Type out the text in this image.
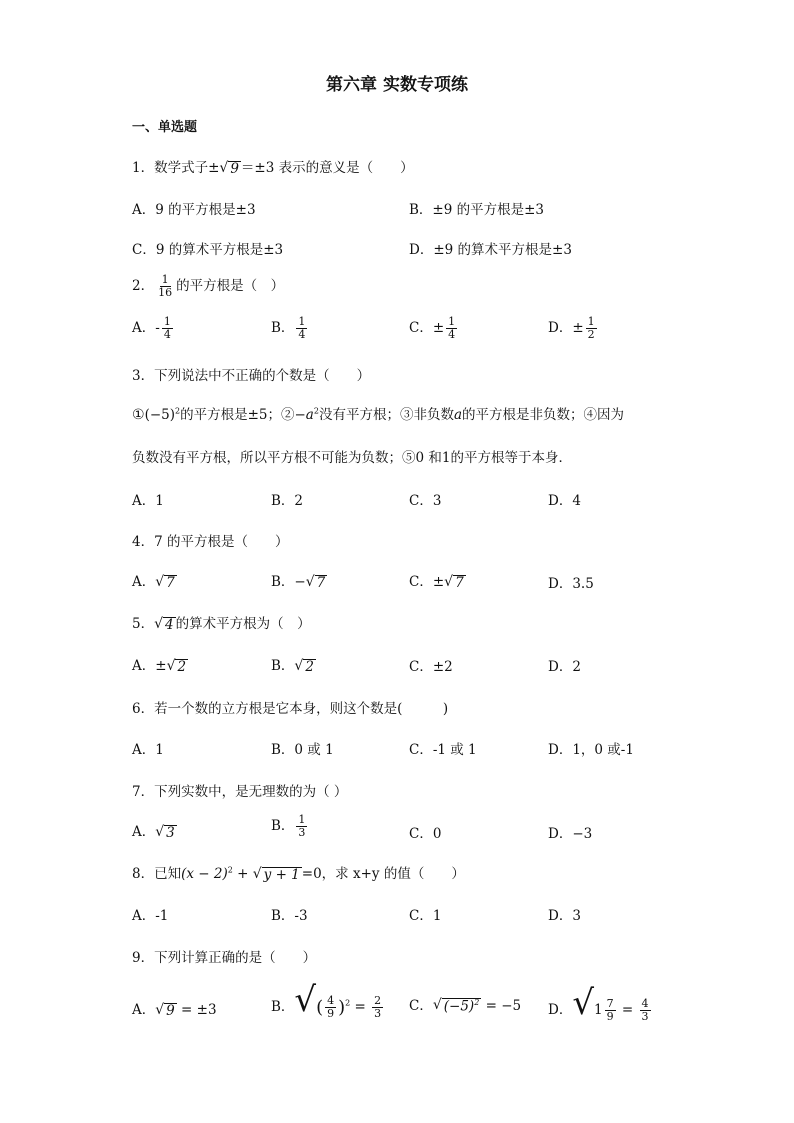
第六章 实数专项练
一、单选题
1．数学式子± √ 9 ＝±3 表示的意义是（　　）
A．9 的平方根是±3	B．±9 的平方根是±3
C．9 的算术平方根是±3	D．±9 的算术平方根是±3
2． $\frac{1}{16}$ 的平方根是（　）
A．- $\frac{1}{4}$	B． $\frac{1}{4}$	C．± $\frac{1}{4}$	D．± $\frac{1}{2}$
3．下列说法中不正确的个数是（　　）
$①(-5)^2$的平方根是±5；$②-a^2$没有平方根；③非负数a的平方根是非负数；④因为
负数没有平方根，所以平方根不可能为负数；⑤0 和1的平方根等于本身．
A．1	B．2	C．3	D．4
4．7 的平方根是（　　）
A． √ 7	B．− √ 7	C．± √ 7	D．3.5
5． √ 4 的算术平方根为（　）
A．± √ 2	B． √ 2	C．±2	D．2
6．若一个数的立方根是它本身，则这个数是(　　　)
A．1	B．0 或 1	C．-1 或 1	D．1，0 或-1
7．下列实数中，是无理数的为（ ）
A． √ 3	B． $\frac{1}{3}$	C．0	D．−3
8．已知$(x - 2)^2$ + √ y + 1 =0，求 x+y 的值（　　）
A．-1	B．-3	C．1	D．3
9．下列计算正确的是（　　）
A． √ 9 = ±3	B．√( $\frac{4}{9} )^2 = \frac{2}{3}$ C． √ $(-5)^2 = -5$ D．$√1 \frac{7}{9} = \frac{4}{3}$
